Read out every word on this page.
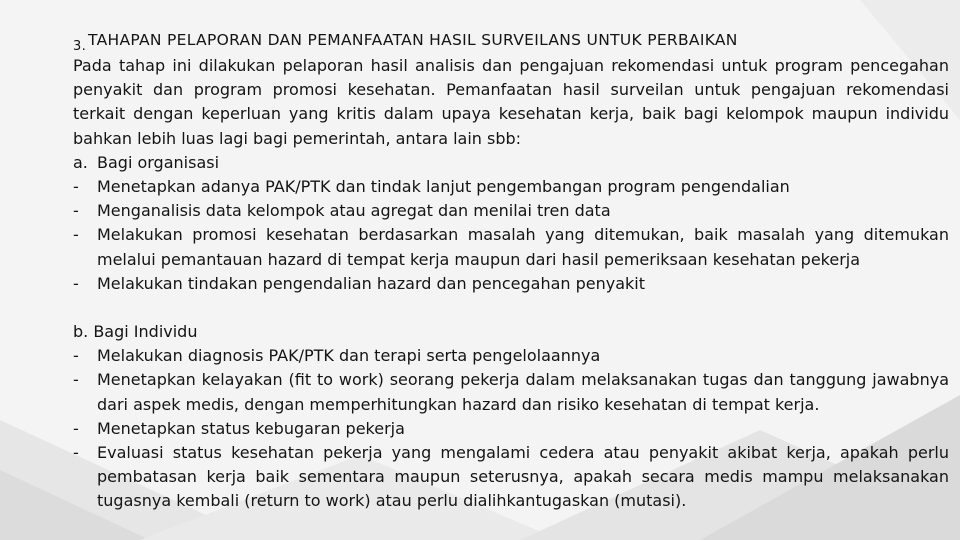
$_{3.}$ TAHAPAN PELAPORAN DAN PEMANFAATAN HASIL SURVEILANS UNTUK PERBAIKAN
Pada tahap ini dilakukan pelaporan hasil analisis dan pengajuan rekomendasi untuk program pencegahan penyakit dan program promosi kesehatan. Pemanfaatan hasil surveilan untuk pengajuan rekomendasi terkait dengan keperluan yang kritis dalam upaya kesehatan kerja, baik bagi kelompok maupun individu bahkan lebih luas lagi bagi pemerintah, antara lain sbb:
a. Bagi organisasi
-	Menetapkan adanya PAK/PTK dan tindak lanjut pengembangan program pengendalian
-	Menganalisis data kelompok atau agregat dan menilai tren data
-	Melakukan promosi kesehatan berdasarkan masalah yang ditemukan, baik masalah yang ditemukan melalui pemantauan hazard di tempat kerja maupun dari hasil pemeriksaan kesehatan pekerja
-	Melakukan tindakan pengendalian hazard dan pencegahan penyakit
b. Bagi Individu
-	Melakukan diagnosis PAK/PTK dan terapi serta pengelolaannya
-	Menetapkan kelayakan (fit to work) seorang pekerja dalam melaksanakan tugas dan tanggung jawabnya dari aspek medis, dengan memperhitungkan hazard dan risiko kesehatan di tempat kerja.
-	Menetapkan status kebugaran pekerja
-	Evaluasi status kesehatan pekerja yang mengalami cedera atau penyakit akibat kerja, apakah perlu pembatasan kerja baik sementara maupun seterusnya, apakah secara medis mampu melaksanakan tugasnya kembali (return to work) atau perlu dialihkantugaskan (mutasi).
